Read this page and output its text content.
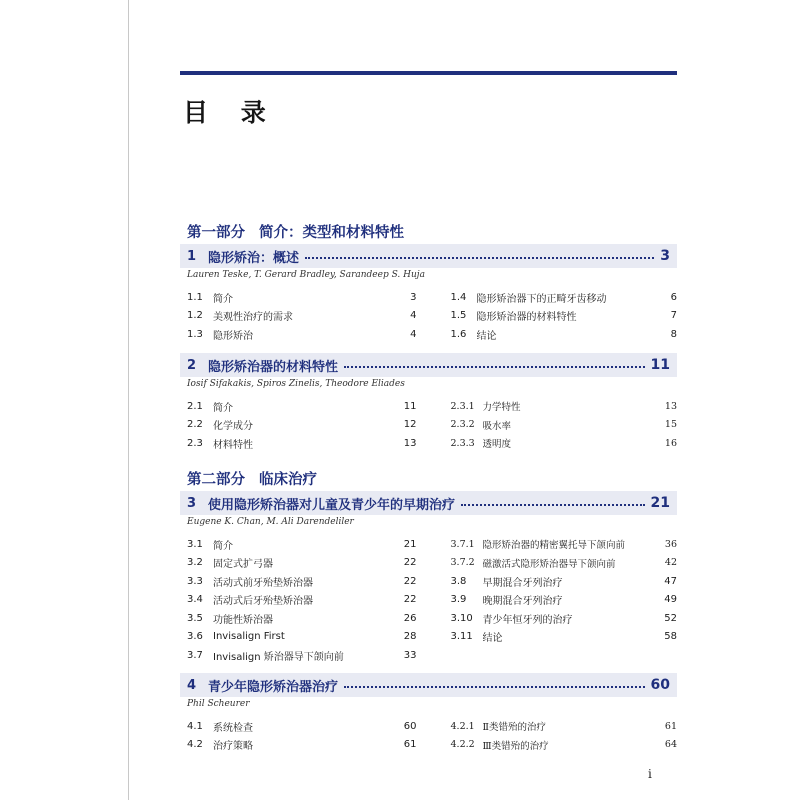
目 录
第一部分 简介：类型和材料特性
1 隐形矫治：概述	3
Lauren Teske, T. Gerard Bradley, Sarandeep S. Huja
1.1	简介	3
1.2	美观性治疗的需求	4
1.3	隐形矫治	4
1.4	隐形矫治器下的正畸牙齿移动	6
1.5	隐形矫治器的材料特性	7
1.6	结论	8
2 隐形矫治器的材料特性	11
Iosif Sifakakis, Spiros Zinelis, Theodore Eliades
2.1	简介	11
2.2	化学成分	12
2.3	材料特性	13
2.3.1 力学特性	13
2.3.2 吸水率	15
2.3.3 透明度	16
第二部分 临床治疗
3 使用隐形矫治器对儿童及青少年的早期治疗	21
Eugene K. Chan, M. Ali Darendeliler
3.1	简介	21
3.2	固定式扩弓器	22
3.3	活动式前牙殆垫矫治器	22
3.4	活动式后牙殆垫矫治器	22
3.5	功能性矫治器	26
3.6	Invisalign First	28
3.7	Invisalign 矫治器导下颌向前	33
3.7.1 隐形矫治器的精密翼托导下颌向前	36
3.7.2 磁激活式隐形矫治器导下颌向前	42
3.8	早期混合牙列治疗	47
3.9	晚期混合牙列治疗	49
3.10 青少年恒牙列的治疗	52
3.11 结论	58
4 青少年隐形矫治器治疗	60
Phil Scheurer
4.1	系统检查	60
4.2	治疗策略	61
4.2.1 Ⅱ类错殆的治疗	61
4.2.2 Ⅲ类错殆的治疗	64
i
